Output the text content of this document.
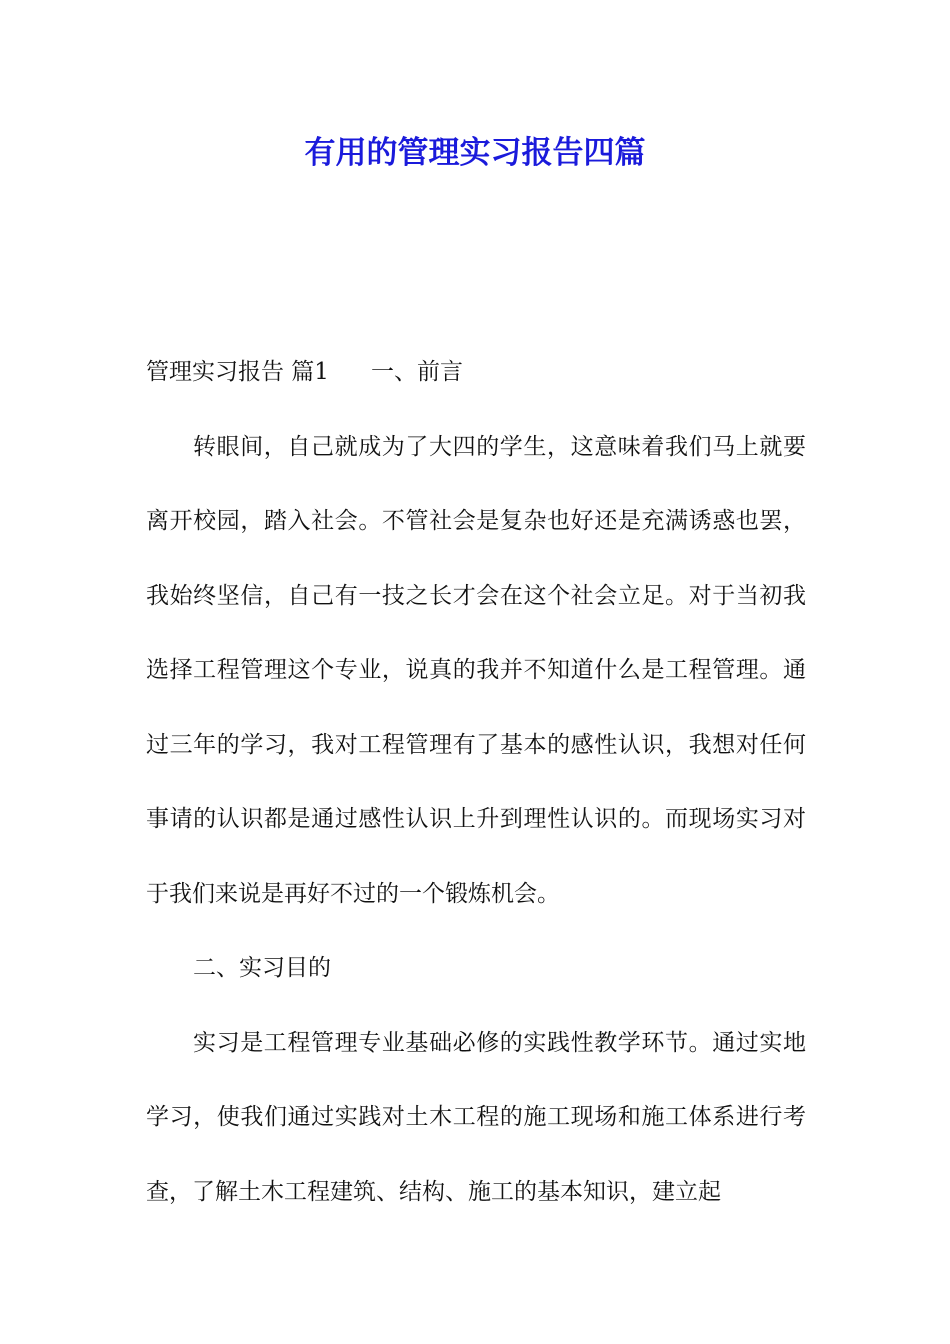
有用的管理实习报告四篇

管理实习报告 篇1 一、前言

转眼间，自己就成为了大四的学生，这意味着我们马上就要离开校园，踏入社会。不管社会是复杂也好还是充满诱惑也罢，我始终坚信，自己有一技之长才会在这个社会立足。对于当初我选择工程管理这个专业，说真的我并不知道什么是工程管理。通过三年的学习，我对工程管理有了基本的感性认识，我想对任何事请的认识都是通过感性认识上升到理性认识的。而现场实习对于我们来说是再好不过的一个锻炼机会。

二、实习目的

实习是工程管理专业基础必修的实践性教学环节。通过实地学习，使我们通过实践对土木工程的施工现场和施工体系进行考查，了解土木工程建筑、结构、施工的基本知识，建立起
